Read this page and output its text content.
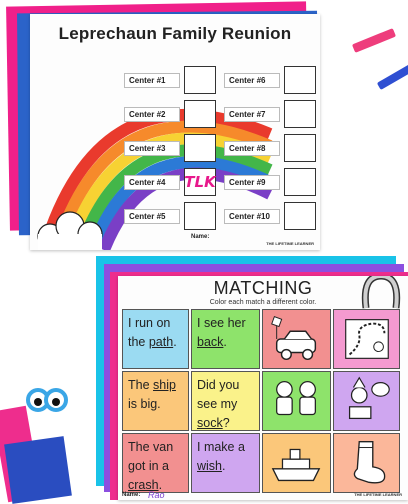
Leprechaun Family Reunion
Center #1
Center #2
Center #3
Center #4	TLK
Center #5
Center #6
Center #7
Center #8
Center #9
Center #10
Name:
THE LIFETIME LEARNER
MATCHING
Color each match a different color.
I run on the path.
I see her back.
The ship is big.
Did you see my sock?
The van got in a crash.
I make a wish.
Name: Rao	THE LIFETIME LEARNER
